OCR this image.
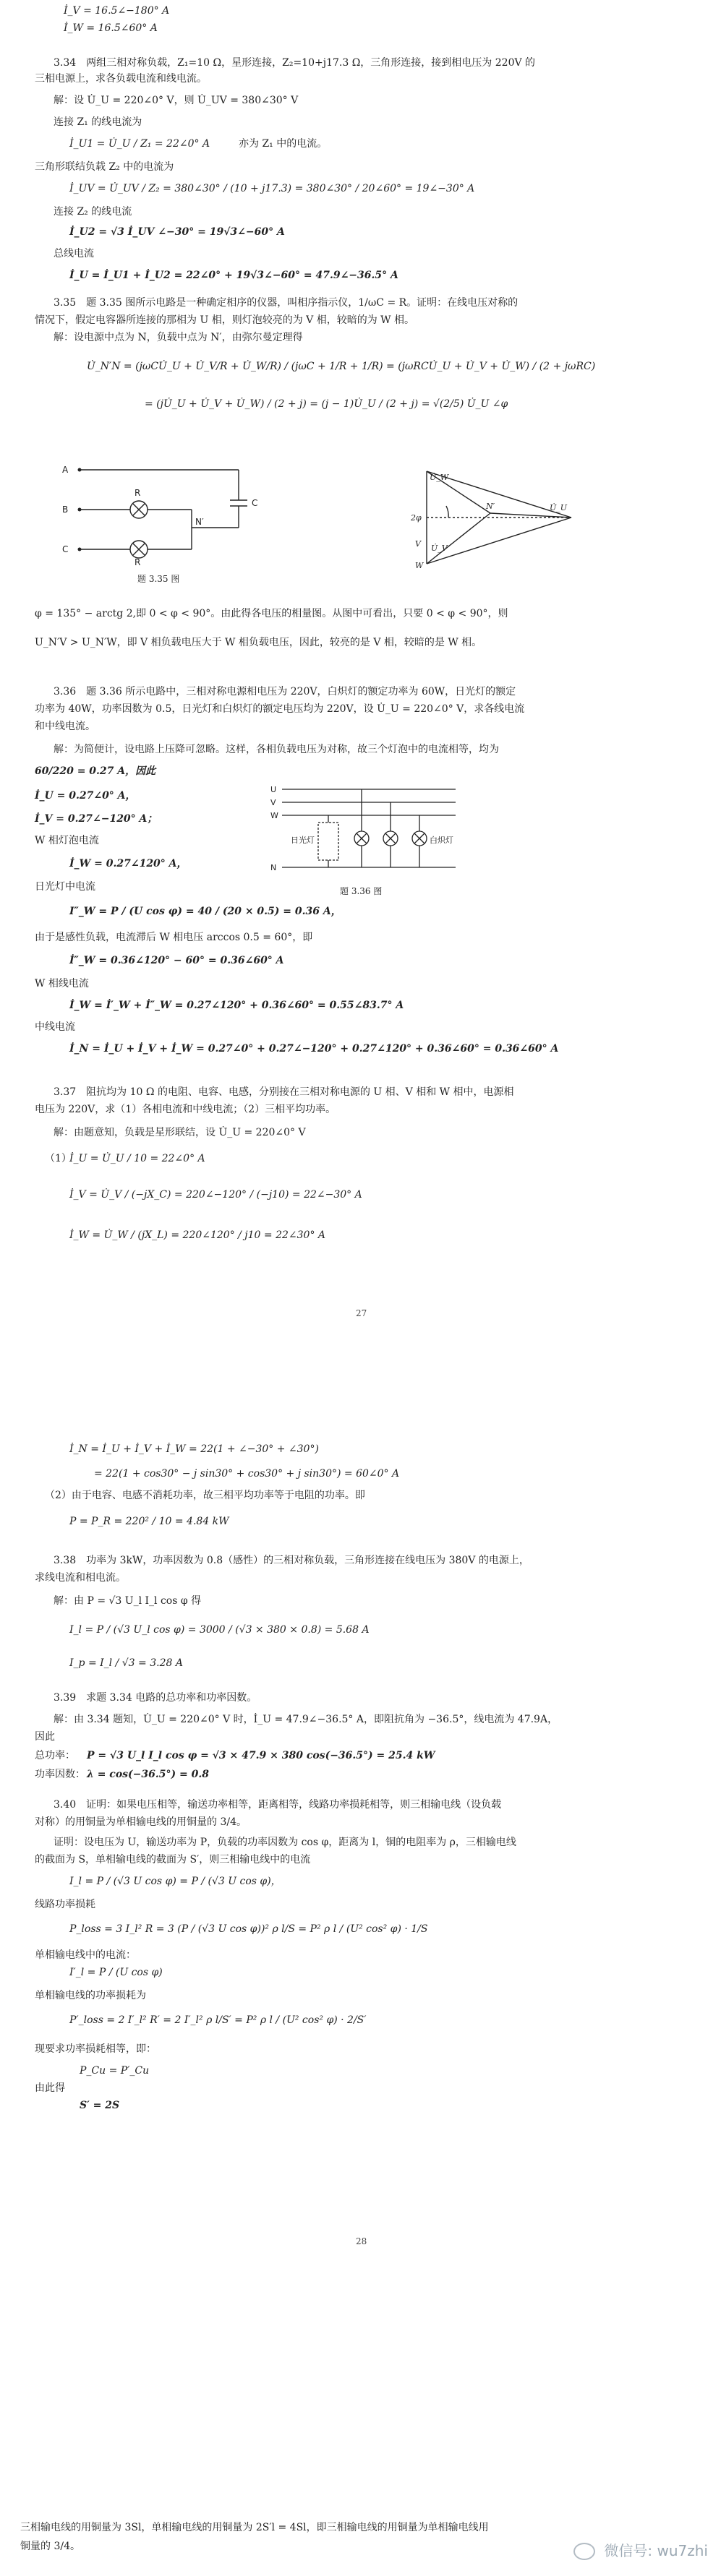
İ_V = 16.5∠−180° A
İ_W = 16.5∠60° A
3.34　两组三相对称负载，Z₁=10 Ω，星形连接，Z₂=10+j17.3 Ω，三角形连接，接到相电压为 220V 的
三相电源上，求各负载电流和线电流。
解：设 U̇_U = 220∠0° V，则 U̇_UV = 380∠30° V
连接 Z₁ 的线电流为
İ_U1 = U̇_U / Z₁ = 22∠0° A	亦为 Z₁ 中的电流。
三角形联结负载 Z₂ 中的电流为
İ_UV = U̇_UV / Z₂ = 380∠30° / (10 + j17.3) = 380∠30° / 20∠60° = 19∠−30° A
连接 Z₂ 的线电流
İ_U2 = √3 İ_UV ∠−30° = 19√3∠−60° A
总线电流
İ_U = İ_U1 + İ_U2 = 22∠0° + 19√3∠−60° = 47.9∠−36.5° A
3.35　题 3.35 图所示电路是一种确定相序的仪器，叫相序指示仪，1/ωC = R。证明：在线电压对称的
情况下，假定电容器所连接的那相为 U 相，则灯泡较亮的为 V 相，较暗的为 W 相。
解：设电源中点为 N，负载中点为 N′，由弥尔曼定理得
U̇_N′N = (jωCU̇_U + U̇_V/R + U̇_W/R) / (jωC + 1/R + 1/R) = (jωRCU̇_U + U̇_V + U̇_W) / (2 + jωRC)
= (jU̇_U + U̇_V + U̇_W) / (2 + j) = (j − 1)U̇_U / (2 + j) = √(2/5) U̇_U ∠φ
A
B
C
R
R
C
N′
题 3.35 图
U̇_W
2φ
N′	U̇_U
U̇_V
V
W
φ = 135° − arctg 2,即 0 < φ < 90°。由此得各电压的相量图。从图中可看出，只要 0 < φ < 90°，则
U_N′V > U_N′W，即 V 相负载电压大于 W 相负载电压，因此，较亮的是 V 相，较暗的是 W 相。
3.36　题 3.36 所示电路中，三相对称电源相电压为 220V，白炽灯的额定功率为 60W，日光灯的额定
功率为 40W，功率因数为 0.5，日光灯和白炽灯的额定电压均为 220V，设 U̇_U = 220∠0° V，求各线电流
和中线电流。
解：为简便计，设电路上压降可忽略。这样，各相负载电压为对称，故三个灯泡中的电流相等，均为
60/220 = 0.27 A，因此
İ_U = 0.27∠0° A，
İ_V = 0.27∠−120° A；
W 相灯泡电流
İ_W = 0.27∠120° A，
日光灯中电流
I″_W = P / (U cos φ) = 40 / (20 × 0.5) = 0.36 A，
由于是感性负载，电流滞后 W 相电压 arccos 0.5 = 60°，即
İ″_W = 0.36∠120° − 60° = 0.36∠60° A
W 相线电流
İ_W = İ′_W + İ″_W = 0.27∠120° + 0.36∠60° = 0.55∠83.7° A
中线电流
İ_N = İ_U + İ_V + İ_W = 0.27∠0° + 0.27∠−120° + 0.27∠120° + 0.36∠60° = 0.36∠60° A
U
V
W
N
日光灯	白炽灯
题 3.36 图
3.37　阻抗均为 10 Ω 的电阻、电容、电感，分别接在三相对称电源的 U 相、V 相和 W 相中，电源相
电压为 220V，求（1）各相电流和中线电流；（2）三相平均功率。
解：由题意知，负载是星形联结，设 U̇_U = 220∠0° V
（1）
İ_U = U̇_U / 10 = 22∠0° A
İ_V = U̇_V / (−jX_C) = 220∠−120° / (−j10) = 22∠−30° A
İ_W = U̇_W / (jX_L) = 220∠120° / j10 = 22∠30° A
27
İ_N = İ_U + İ_V + İ_W = 22(1 + ∠−30° + ∠30°)
= 22(1 + cos30° − j sin30° + cos30° + j sin30°) = 60∠0° A
（2）由于电容、电感不消耗功率，故三相平均功率等于电阻的功率。即
P = P_R = 220² / 10 = 4.84 kW
3.38　功率为 3kW，功率因数为 0.8（感性）的三相对称负载，三角形连接在线电压为 380V 的电源上，
求线电流和相电流。
解：由 P = √3 U_l I_l cos φ 得
I_l = P / (√3 U_l cos φ) = 3000 / (√3 × 380 × 0.8) = 5.68 A
I_p = I_l / √3 = 3.28 A
3.39　求题 3.34 电路的总功率和功率因数。
解：由 3.34 题知，U̇_U = 220∠0° V 时，İ_U = 47.9∠−36.5° A，即阻抗角为 −36.5°，线电流为 47.9A，
因此
总功率： P = √3 U_l I_l cos φ = √3 × 47.9 × 380 cos(−36.5°) = 25.4 kW
功率因数： λ = cos(−36.5°) = 0.8
3.40　证明：如果电压相等，输送功率相等，距离相等，线路功率损耗相等，则三相输电线（设负载
对称）的用铜量为单相输电线的用铜量的 3/4。
证明：设电压为 U，输送功率为 P，负载的功率因数为 cos φ，距离为 l，铜的电阻率为 ρ，三相输电线
的截面为 S，单相输电线的截面为 S′，则三相输电线中的电流
I_l = P / (√3 U cos φ) = P / (√3 U cos φ)，
线路功率损耗
P_loss = 3 I_l² R = 3 (P / (√3 U cos φ))² ρ l/S = P² ρ l / (U² cos² φ) · 1/S
单相输电线中的电流：
I′_l = P / (U cos φ)
单相输电线的功率损耗为
P′_loss = 2 I′_l² R′ = 2 I′_l² ρ l/S′ = P² ρ l / (U² cos² φ) · 2/S′
现要求功率损耗相等，即：
P_Cu = P′_Cu
由此得
S′ = 2S
28
三相输电线的用铜量为 3Sl，单相输电线的用铜量为 2S′l = 4Sl，即三相输电线的用铜量为单相输电线用
铜量的 3/4。	微信号: wu7zhi
